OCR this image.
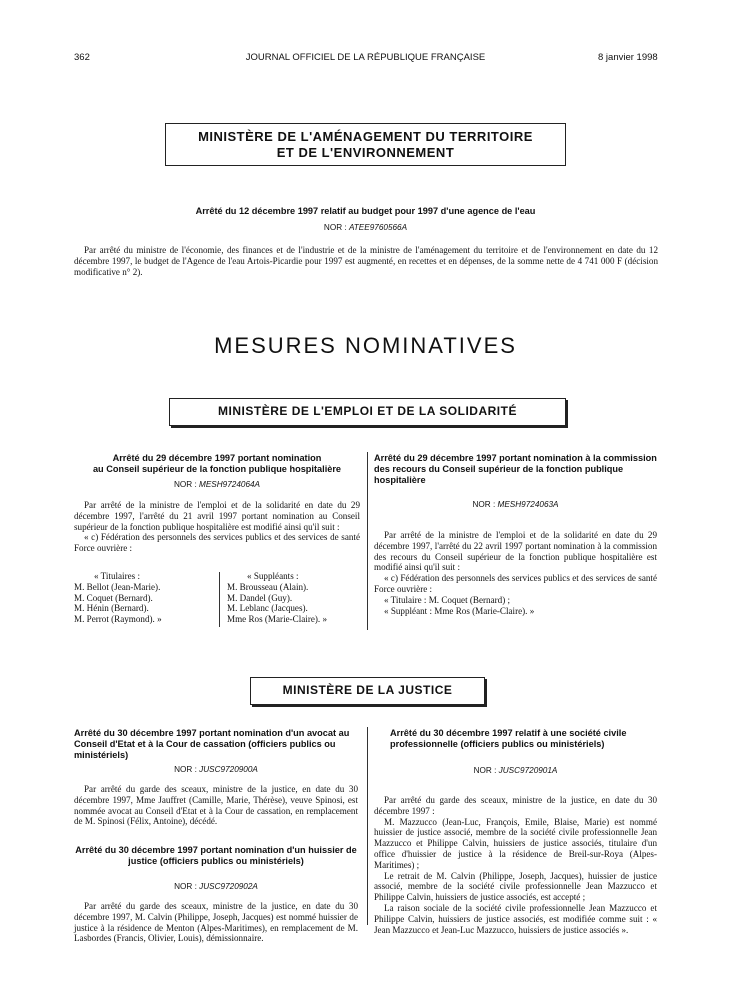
362	JOURNAL OFFICIEL DE LA RÉPUBLIQUE FRANÇAISE	8 janvier 1998
MINISTÈRE DE L'AMÉNAGEMENT DU TERRITOIRE
ET DE L'ENVIRONNEMENT
Arrêté du 12 décembre 1997 relatif au budget pour 1997 d'une agence de l'eau
NOR : ATEE9760566A

Par arrêté du ministre de l'économie, des finances et de l'industrie et de la ministre de l'aménagement du territoire et de l'environnement en date du 12 décembre 1997, le budget de l'Agence de l'eau Artois-Picardie pour 1997 est augmenté, en recettes et en dépenses, de la somme nette de 4 741 000 F (décision modificative n° 2).

MESURES NOMINATIVES
MINISTÈRE DE L'EMPLOI ET DE LA SOLIDARITÉ
Arrêté du 29 décembre 1997 portant nomination
au Conseil supérieur de la fonction publique hospitalière
NOR : MESH9724064A

Par arrêté de la ministre de l'emploi et de la solidarité en date du 29 décembre 1997, l'arrêté du 21 avril 1997 portant nomination au Conseil supérieur de la fonction publique hospitalière est modifié ainsi qu'il suit :

« c) Fédération des personnels des services publics et des services de santé Force ouvrière :

« Titulaires :
M. Bellot (Jean-Marie).
M. Coquet (Bernard).
M. Hénin (Bernard).
M. Perrot (Raymond). »
« Suppléants :
M. Brousseau (Alain).
M. Dandel (Guy).
M. Leblanc (Jacques).
Mme Ros (Marie-Claire). »
Arrêté du 29 décembre 1997 portant nomination à la commission des recours du Conseil supérieur de la fonction publique hospitalière
NOR : MESH9724063A

Par arrêté de la ministre de l'emploi et de la solidarité en date du 29 décembre 1997, l'arrêté du 22 avril 1997 portant nomination à la commission des recours du Conseil supérieur de la fonction publique hospitalière est modifié ainsi qu'il suit :

« c) Fédération des personnels des services publics et des services de santé Force ouvrière :

« Titulaire : M. Coquet (Bernard) ;

« Suppléant : Mme Ros (Marie-Claire). »

MINISTÈRE DE LA JUSTICE
Arrêté du 30 décembre 1997 portant nomination d'un avocat au Conseil d'Etat et à la Cour de cassation (officiers publics ou ministériels)
NOR : JUSC9720900A

Par arrêté du garde des sceaux, ministre de la justice, en date du 30 décembre 1997, Mme Jauffret (Camille, Marie, Thérèse), veuve Spinosi, est nommée avocat au Conseil d'Etat et à la Cour de cassation, en remplacement de M. Spinosi (Félix, Antoine), décédé.

Arrêté du 30 décembre 1997 portant nomination d'un huissier de justice (officiers publics ou ministériels)
NOR : JUSC9720902A

Par arrêté du garde des sceaux, ministre de la justice, en date du 30 décembre 1997, M. Calvin (Philippe, Joseph, Jacques) est nommé huissier de justice à la résidence de Menton (Alpes-Maritimes), en remplacement de M. Lasbordes (Francis, Olivier, Louis), démissionnaire.

Arrêté du 30 décembre 1997 relatif à une société civile professionnelle (officiers publics ou ministériels)
NOR : JUSC9720901A

Par arrêté du garde des sceaux, ministre de la justice, en date du 30 décembre 1997 :

M. Mazzucco (Jean-Luc, François, Emile, Blaise, Marie) est nommé huissier de justice associé, membre de la société civile professionnelle Jean Mazzucco et Philippe Calvin, huissiers de justice associés, titulaire d'un office d'huissier de justice à la résidence de Breil-sur-Roya (Alpes-Maritimes) ;

Le retrait de M. Calvin (Philippe, Joseph, Jacques), huissier de justice associé, membre de la société civile professionnelle Jean Mazzucco et Philippe Calvin, huissiers de justice associés, est accepté ;

La raison sociale de la société civile professionnelle Jean Mazzucco et Philippe Calvin, huissiers de justice associés, est modifiée comme suit : « Jean Mazzucco et Jean-Luc Mazzucco, huissiers de justice associés ».
